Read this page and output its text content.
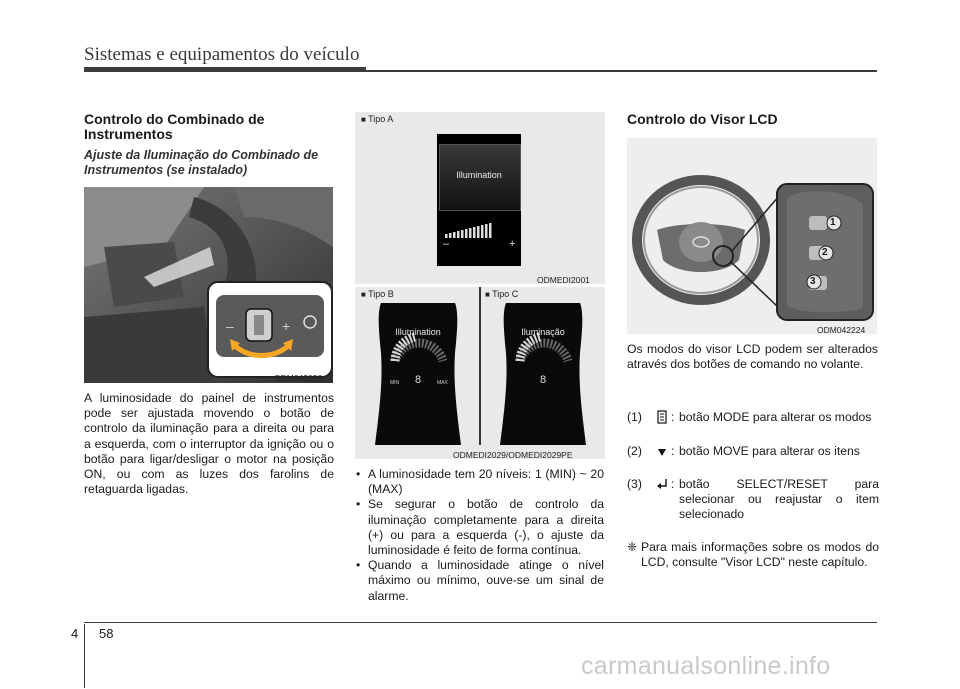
Sistemas e equipamentos do veículo
Controlo do Combinado de Instrumentos
Ajuste da Iluminação do Combinado de Instrumentos (se instalado)
–	+
ODM042056

A luminosidade do painel de instrumentos pode ser ajustada movendo o botão de controlo da iluminação para a direita ou para a esquerda, com o interruptor da ignição ou o botão para ligar/desligar o motor na posição ON, ou com as luzes dos farolins de retaguarda ligadas.

■ Tipo A
Illumination
–	+
ODMEDI2001
■ Tipo B	■ Tipo C
Illumination
MIN	MAX
8
Iluminação
8
ODMEDI2029/ODMEDI2029PE
• A luminosidade tem 20 níveis: 1 (MIN) ~ 20 (MAX)
• Se segurar o botão de controlo da iluminação completamente para a direita (+) ou para a esquerda (-), o ajuste da luminosidade é feito de forma contínua.
• Quando a luminosidade atinge o nível máximo ou mínimo, ouve-se um sinal de alarme.
Controlo do Visor LCD
1
2
3
ODM042224

Os modos do visor LCD podem ser alterados através dos botões de comando no volante.

(1)	: botão MODE para alterar os modos
(2)	: botão MOVE para alterar os itens
(3)	: botão SELECT/RESET para selecionar ou reajustar o item selecionado
❈ Para mais informações sobre os modos do LCD, consulte "Visor LCD" neste capítulo.
4 58
carmanualsonline.info
